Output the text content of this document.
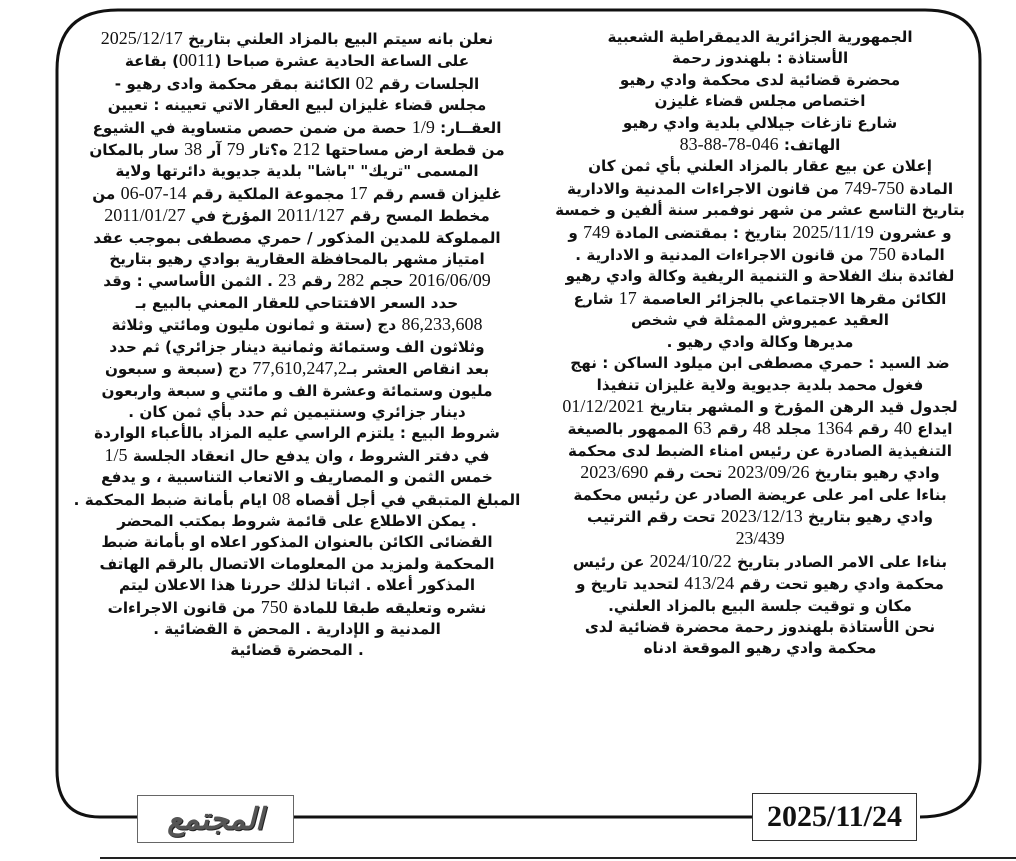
الجمهورية الجزائرية الديمقراطية الشعبية
الأستاذة : بلهندوز رحمة
محضرة قضائية لدى محكمة وادي رهيو
اختصاص مجلس قضاء غليزن
شارع تازغات جيلالي بلدية وادي رهيو
الهاتف: 83-88-78-046
إعلان عن بيع عقار بالمزاد العلني بأي ثمن كان
المادة 749-750 من قانون الاجراءات المدنية والادارية
بتاريخ التاسع عشر من شهر نوفمبر سنة ألفين و خمسة
و عشرون 2025/11/19 بتاريخ : بمقتضى المادة 749 و
المادة 750 من قانون الاجراءات المدنية و الادارية .
لفائدة بنك الفلاحة و التنمية الريفية وكالة وادي رهيو
الكائن مقرها الاجتماعي بالجزائر العاصمة 17 شارع
العقيد عميروش الممثلة في شخص
مديرها وكالة وادي رهيو .
ضد السيد : حمري مصطفى ابن ميلود الساكن : نهج
فغول محمد بلدية جديوية ولاية غليزان تنفيذا
لجدول قيد الرهن المؤرخ و المشهر بتاريخ 01/12/2021
ايداع 40 رقم 1364 مجلد 48 رقم 63 الممهور بالصيغة
التنفيذية الصادرة عن رئيس امناء الضبط لدى محكمة
وادي رهيو بتاريخ 2023/09/26 تحت رقم 2023/690
بناءا على امر على عريضة الصادر عن رئيس محكمة
وادي رهيو بتاريخ 2023/12/13 تحت رقم الترتيب
23/439
بناءا على الامر الصادر بتاريخ 2024/10/22 عن رئيس
محكمة وادي رهيو تحت رقم 413/24 لتحديد تاريخ و
مكان و توقيت جلسة البيع بالمزاد العلني.
نحن الأستاذة بلهندوز رحمة محضرة قضائية لدى
محكمة وادي رهيو الموقعة ادناه
نعلن بانه سيتم البيع بالمزاد العلني بتاريخ 2025/12/17
على الساعة الحادية عشرة صباحا (0011) بقاعة
الجلسات رقم 02 الكائنة بمقر محكمة وادى رهيو -
مجلس قضاء غليزان لبيع العقار الاتي تعيينه : تعيين
العقــار: 1/9 حصة من ضمن حصص متساوية في الشيوع
من قطعة ارض مساحتها 212 ه؟تار 79 آر 38 سار بالمكان
المسمى "تريك" "باشا" بلدية جديوية دائرتها ولاية
غليزان قسم رقم 17 مجموعة الملكية رقم 06-07-14 من
مخطط المسح رقم 2011/127 المؤرخ في 2011/01/27
المملوكة للمدين المذكور / حمري مصطفى بموجب عقد
امتياز مشهر بالمحافظة العقارية بوادي رهيو بتاريخ
2016/06/09 حجم 282 رقم 23 . الثمن الأساسي : وقد
حدد السعر الافتتاحي للعقار المعني بالبيع بـ
86,233,608 دج (ستة و ثمانون مليون ومائتي وثلاثة
وثلاثون الف وستمائة وثمانية دينار جزائري) ثم حدد
بعد انقاص العشر بـ77,610,247,2 دج (سبعة و سبعون
مليون وستمائة وعشرة الف و مائتي و سبعة واربعون
دينار جزائري وسنتيمين ثم حدد بأي ثمن كان .
شروط البيع : يلتزم الراسي عليه المزاد بالأعباء الواردة
في دفتر الشروط ، وان يدفع حال انعقاد الجلسة 1/5
خمس الثمن و المصاريف و الاتعاب التناسبية ، و يدفع
المبلغ المتبقي في أجل أقصاه 08 ايام بأمانة ضبط المحكمة .
. يمكن الاطلاع على قائمة شروط بمكتب المحضر
القضائى الكائن بالعنوان المذكور اعلاه او بأمانة ضبط
المحكمة ولمزيد من المعلومات الاتصال بالرقم الهاتف
المذكور أعلاه . اثباتا لذلك حررنا هذا الاعلان ليتم
نشره وتعليقه طبقا للمادة 750 من قانون الاجراءات
المدنية و الإدارية . المحض ة القضائية .
. المحضرة قضائية
المجتمع	2025/11/24
